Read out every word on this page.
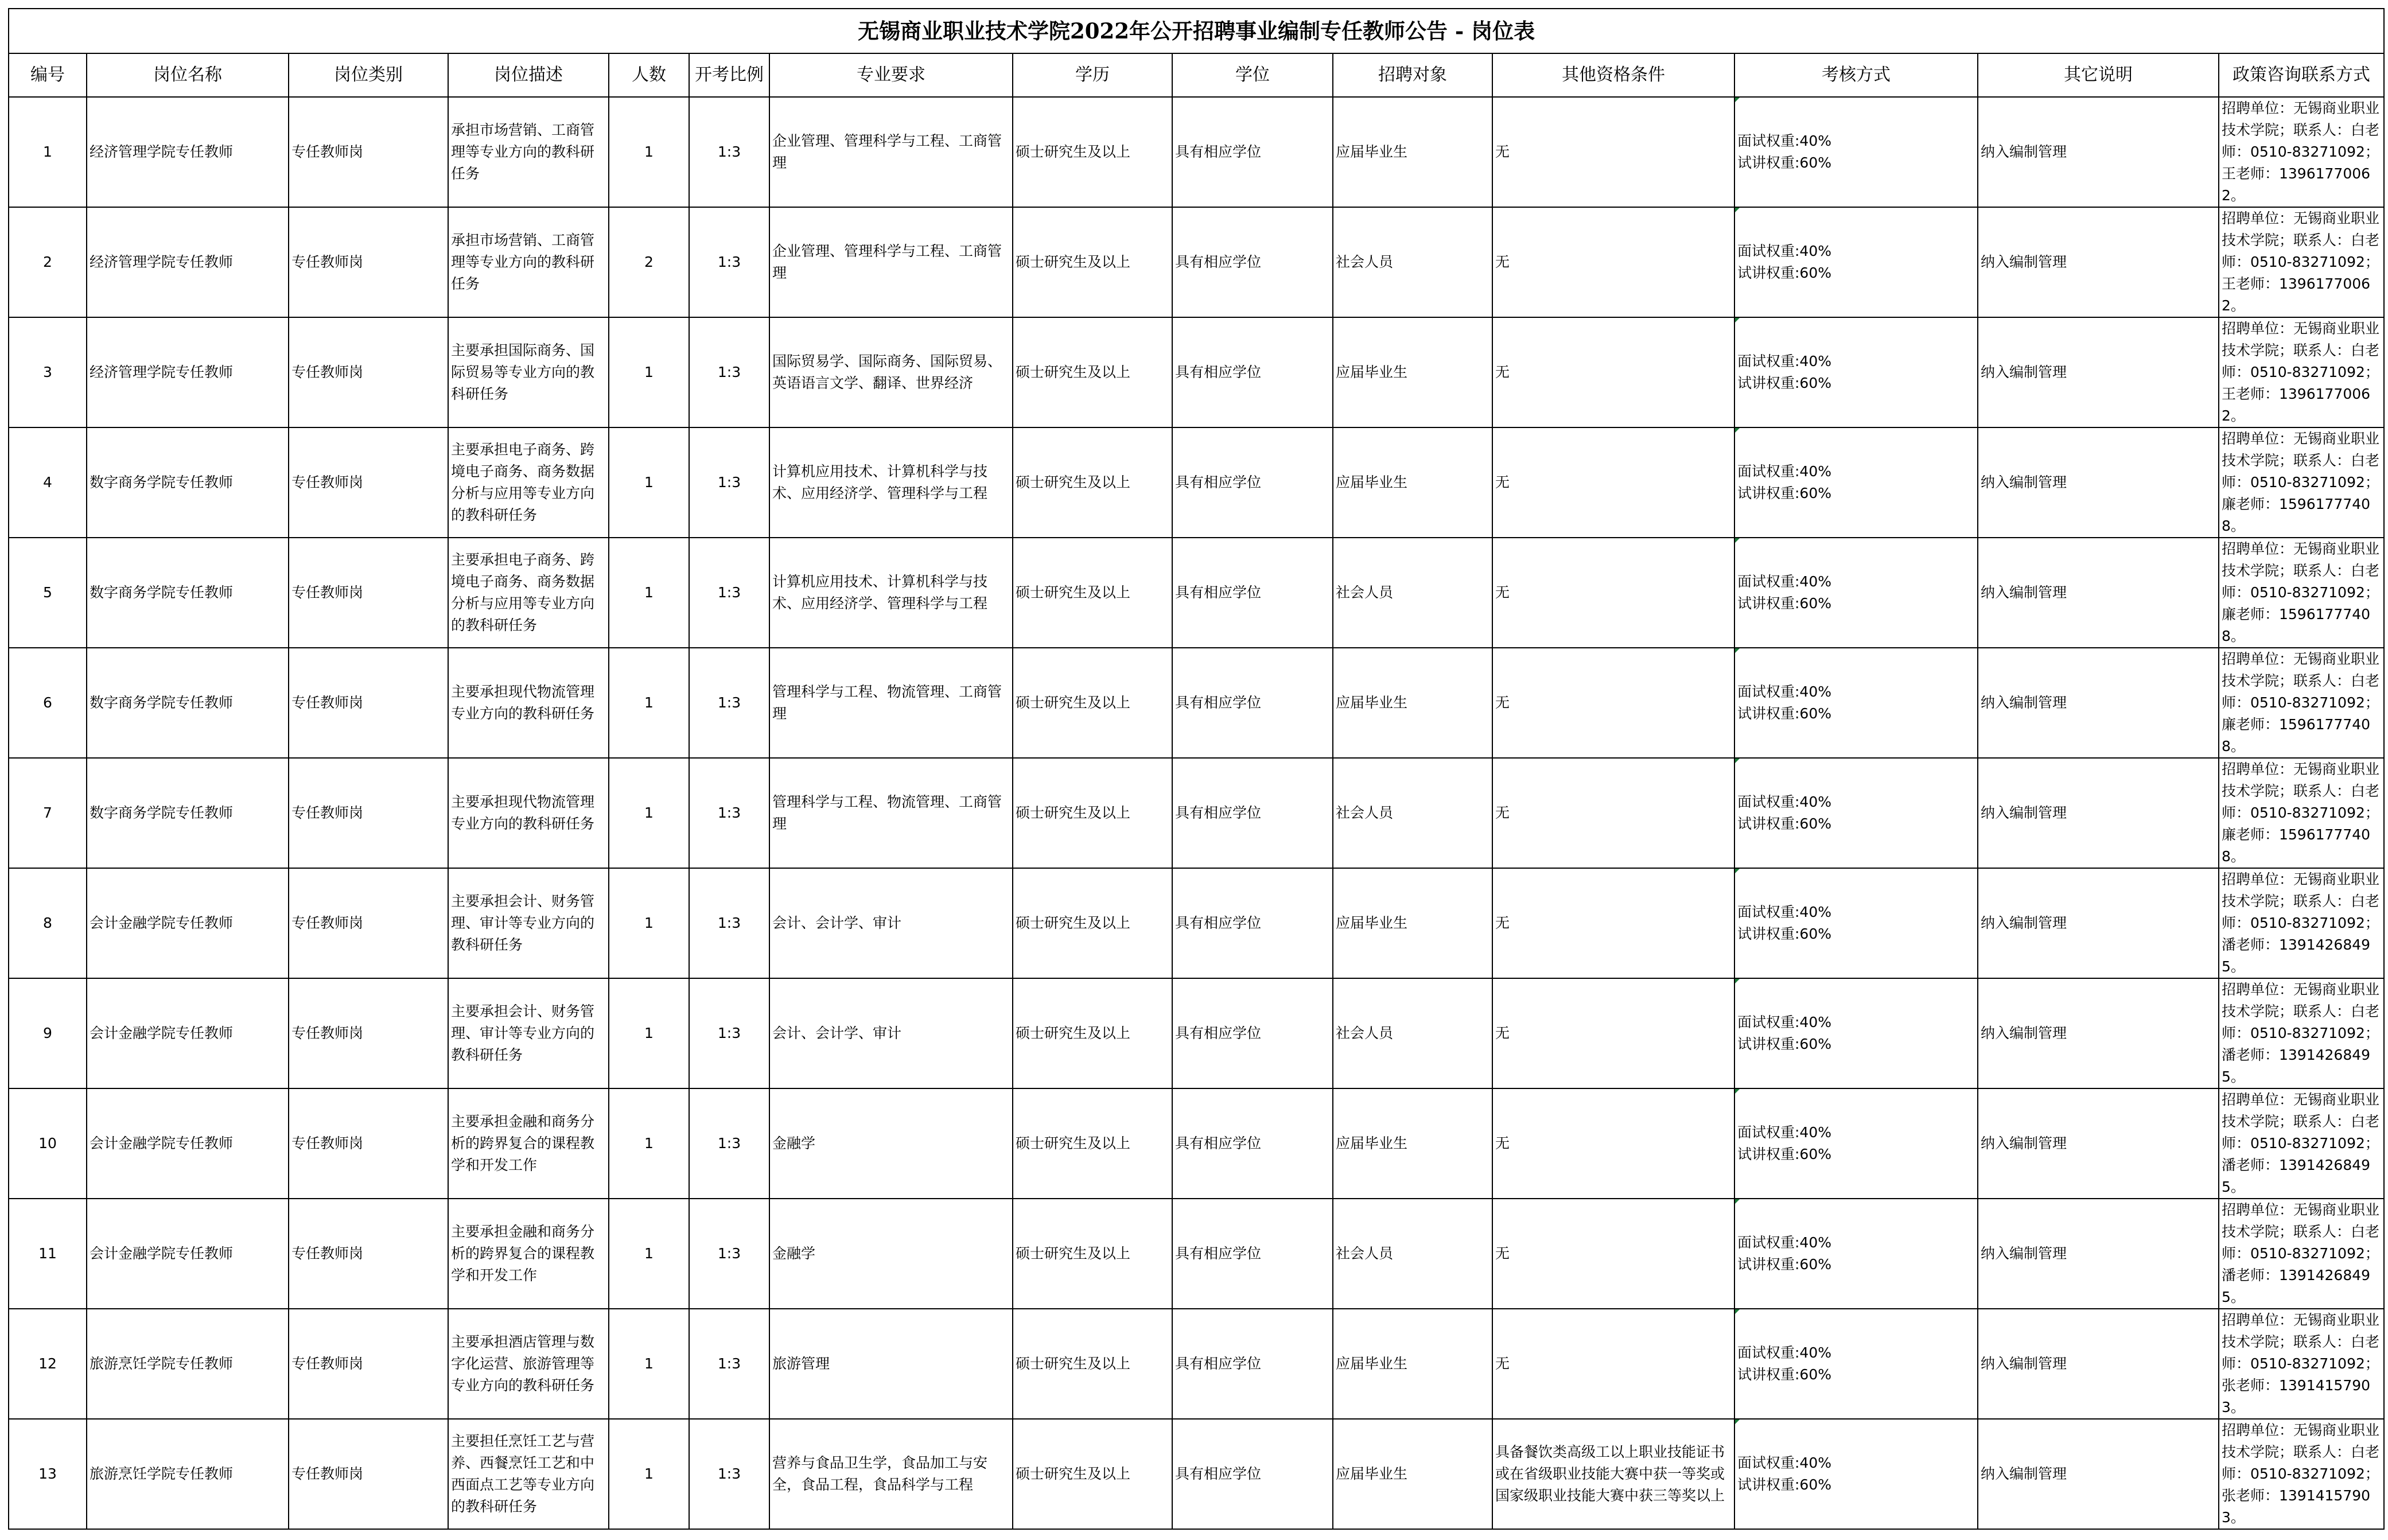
无锡商业职业技术学院2022年公开招聘事业编制专任教师公告 - 岗位表													
编号	岗位名称	岗位类别	岗位描述	人数	开考比例	专业要求	学历	学位	招聘对象	其他资格条件	考核方式	其它说明	政策咨询联系方式
1	经济管理学院专任教师	专任教师岗	承担市场营销、工商管理等专业方向的教科研任务	1	1:3	企业管理、管理科学与工程、工商管理	硕士研究生及以上	具有相应学位	应届毕业生	无	面试权重:40%
试讲权重:60%	纳入编制管理	招聘单位：无锡商业职业技术学院；联系人：白老师：0510-83271092；王老师：13961770062。
2	经济管理学院专任教师	专任教师岗	承担市场营销、工商管理等专业方向的教科研任务	2	1:3	企业管理、管理科学与工程、工商管理	硕士研究生及以上	具有相应学位	社会人员	无	面试权重:40%
试讲权重:60%	纳入编制管理	招聘单位：无锡商业职业技术学院；联系人：白老师：0510-83271092；王老师：13961770062。
3	经济管理学院专任教师	专任教师岗	主要承担国际商务、国际贸易等专业方向的教科研任务	1	1:3	国际贸易学、国际商务、国际贸易、英语语言文学、翻译、世界经济	硕士研究生及以上	具有相应学位	应届毕业生	无	面试权重:40%
试讲权重:60%	纳入编制管理	招聘单位：无锡商业职业技术学院；联系人：白老师：0510-83271092；王老师：13961770062。
4	数字商务学院专任教师	专任教师岗	主要承担电子商务、跨境电子商务、商务数据分析与应用等专业方向的教科研任务	1	1:3	计算机应用技术、计算机科学与技术、应用经济学、管理科学与工程	硕士研究生及以上	具有相应学位	应届毕业生	无	面试权重:40%
试讲权重:60%	纳入编制管理	招聘单位：无锡商业职业技术学院；联系人：白老师：0510-83271092；廉老师：15961777408。
5	数字商务学院专任教师	专任教师岗	主要承担电子商务、跨境电子商务、商务数据分析与应用等专业方向的教科研任务	1	1:3	计算机应用技术、计算机科学与技术、应用经济学、管理科学与工程	硕士研究生及以上	具有相应学位	社会人员	无	面试权重:40%
试讲权重:60%	纳入编制管理	招聘单位：无锡商业职业技术学院；联系人：白老师：0510-83271092；廉老师：15961777408。
6	数字商务学院专任教师	专任教师岗	主要承担现代物流管理专业方向的教科研任务	1	1:3	管理科学与工程、物流管理、工商管理	硕士研究生及以上	具有相应学位	应届毕业生	无	面试权重:40%
试讲权重:60%	纳入编制管理	招聘单位：无锡商业职业技术学院；联系人：白老师：0510-83271092；廉老师：15961777408。
7	数字商务学院专任教师	专任教师岗	主要承担现代物流管理专业方向的教科研任务	1	1:3	管理科学与工程、物流管理、工商管理	硕士研究生及以上	具有相应学位	社会人员	无	面试权重:40%
试讲权重:60%	纳入编制管理	招聘单位：无锡商业职业技术学院；联系人：白老师：0510-83271092；廉老师：15961777408。
8	会计金融学院专任教师	专任教师岗	主要承担会计、财务管理、审计等专业方向的教科研任务	1	1:3	会计、会计学、审计	硕士研究生及以上	具有相应学位	应届毕业生	无	面试权重:40%
试讲权重:60%	纳入编制管理	招聘单位：无锡商业职业技术学院；联系人：白老师：0510-83271092；潘老师：13914268495。
9	会计金融学院专任教师	专任教师岗	主要承担会计、财务管理、审计等专业方向的教科研任务	1	1:3	会计、会计学、审计	硕士研究生及以上	具有相应学位	社会人员	无	面试权重:40%
试讲权重:60%	纳入编制管理	招聘单位：无锡商业职业技术学院；联系人：白老师：0510-83271092；潘老师：13914268495。
10	会计金融学院专任教师	专任教师岗	主要承担金融和商务分析的跨界复合的课程教学和开发工作	1	1:3	金融学	硕士研究生及以上	具有相应学位	应届毕业生	无	面试权重:40%
试讲权重:60%	纳入编制管理	招聘单位：无锡商业职业技术学院；联系人：白老师：0510-83271092；潘老师：13914268495。
11	会计金融学院专任教师	专任教师岗	主要承担金融和商务分析的跨界复合的课程教学和开发工作	1	1:3	金融学	硕士研究生及以上	具有相应学位	社会人员	无	面试权重:40%
试讲权重:60%	纳入编制管理	招聘单位：无锡商业职业技术学院；联系人：白老师：0510-83271092；潘老师：13914268495。
12	旅游烹饪学院专任教师	专任教师岗	主要承担酒店管理与数字化运营、旅游管理等专业方向的教科研任务	1	1:3	旅游管理	硕士研究生及以上	具有相应学位	应届毕业生	无	面试权重:40%
试讲权重:60%	纳入编制管理	招聘单位：无锡商业职业技术学院；联系人：白老师：0510-83271092；张老师：13914157903。
13	旅游烹饪学院专任教师	专任教师岗	主要担任烹饪工艺与营养、西餐烹饪工艺和中西面点工艺等专业方向的教科研任务	1	1:3	营养与食品卫生学，食品加工与安全，食品工程，食品科学与工程	硕士研究生及以上	具有相应学位	应届毕业生	具备餐饮类高级工以上职业技能证书或在省级职业技能大赛中获一等奖或国家级职业技能大赛中获三等奖以上	面试权重:40%
试讲权重:60%	纳入编制管理	招聘单位：无锡商业职业技术学院；联系人：白老师：0510-83271092；张老师：13914157903。
